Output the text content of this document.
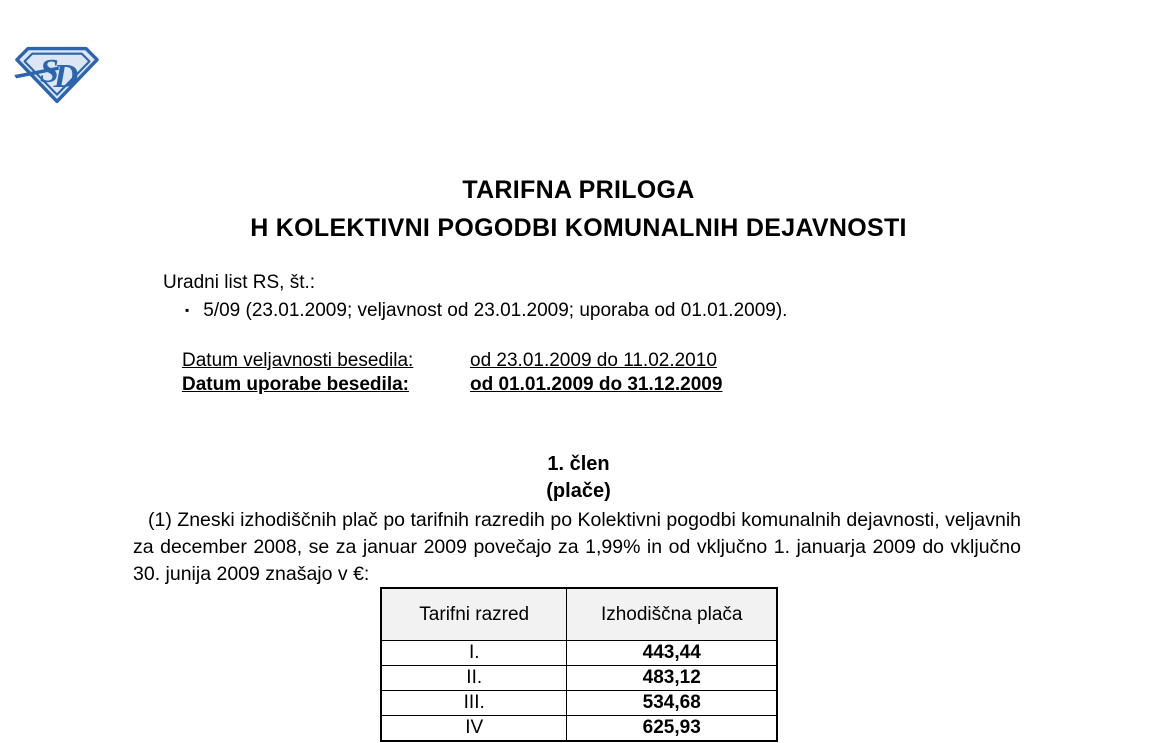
S D
TARIFNA PRILOGA
H KOLEKTIVNI POGODBI KOMUNALNIH DEJAVNOSTI
Uradni list RS, št.:
▪ 5/09 (23.01.2009; veljavnost od 23.01.2009; uporaba od 01.01.2009).
Datum veljavnosti besedila:	od 23.01.2009 do 11.02.2010
Datum uporabe besedila:	od 01.01.2009 do 31.12.2009
1. člen
(plače)
(1) Zneski izhodiščnih plač po tarifnih razredih po Kolektivni pogodbi komunalnih dejavnosti, veljavnih za december 2008, se za januar 2009 povečajo za 1,99% in od vključno 1. januarja 2009 do vključno 30. junija 2009 znašajo v €:
Tarifni razred	Izhodiščna plača
I.	443,44
II.	483,12
III.	534,68
IV	625,93
